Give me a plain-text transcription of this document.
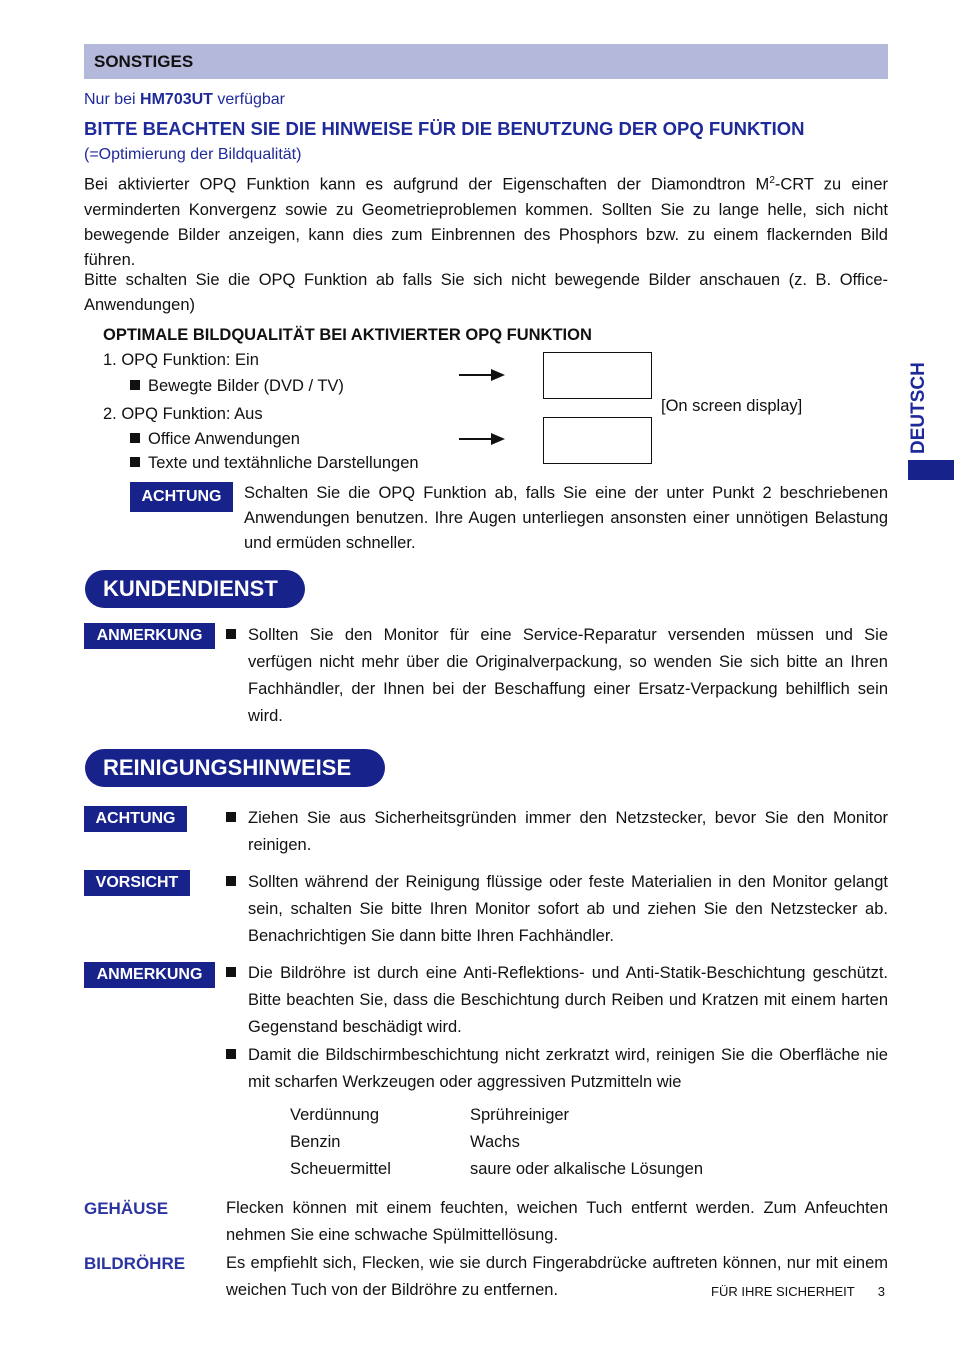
SONSTIGES
Nur bei HM703UT verfügbar
BITTE BEACHTEN SIE DIE HINWEISE FÜR DIE BENUTZUNG DER OPQ FUNKTION
(=Optimierung der Bildqualität)
Bei aktivierter OPQ Funktion kann es aufgrund der Eigenschaften der Diamondtron $M^2$-CRT zu einer verminderten Konvergenz sowie zu Geometrieproblemen kommen. Sollten Sie zu lange helle, sich nicht bewegende Bilder anzeigen, kann dies zum Einbrennen des Phosphors bzw. zu einem flackernden Bild führen.
Bitte schalten Sie die OPQ Funktion ab falls Sie sich nicht bewegende Bilder anschauen (z. B. Office-Anwendungen)
OPTIMALE BILDQUALITÄT BEI AKTIVIERTER OPQ FUNKTION
1. OPQ Funktion: Ein
Bewegte Bilder (DVD / TV)
2. OPQ Funktion: Aus
Office Anwendungen
Texte und textähnliche Darstellungen
[On screen display]
ACHTUNG	Schalten Sie die OPQ Funktion ab, falls Sie eine der unter Punkt 2 beschriebenen Anwendungen benutzen. Ihre Augen unterliegen ansonsten einer unnötigen Belastung und ermüden schneller.
KUNDENDIENST
ANMERKUNG	Sollten Sie den Monitor für eine Service-Reparatur versenden müssen und Sie verfügen nicht mehr über die Originalverpackung, so wenden Sie sich bitte an Ihren Fachhändler, der Ihnen bei der Beschaffung einer Ersatz-Verpackung behilflich sein wird.
REINIGUNGSHINWEISE
ACHTUNG	Ziehen Sie aus Sicherheitsgründen immer den Netzstecker, bevor Sie den Monitor reinigen.
VORSICHT	Sollten während der Reinigung flüssige oder feste Materialien in den Monitor gelangt sein, schalten Sie bitte Ihren Monitor sofort ab und ziehen Sie den Netzstecker ab. Benachrichtigen Sie dann bitte Ihren Fachhändler.
ANMERKUNG	Die Bildröhre ist durch eine Anti-Reflektions- und Anti-Statik-Beschichtung geschützt. Bitte beachten Sie, dass die Beschichtung durch Reiben und Kratzen mit einem harten Gegenstand beschädigt wird.
Damit die Bildschirmbeschichtung nicht zerkratzt wird, reinigen Sie die Oberfläche nie mit scharfen Werkzeugen oder aggressiven Putzmitteln wie
Verdünnung	Sprühreiniger
Benzin	Wachs
Scheuermittel	saure oder alkalische Lösungen
GEHÄUSE	Flecken können mit einem feuchten, weichen Tuch entfernt werden. Zum Anfeuchten nehmen Sie eine schwache Spülmittellösung.
BILDRÖHRE Es empfiehlt sich, Flecken, wie sie durch Fingerabdrücke auftreten können, nur mit einem weichen Tuch von der Bildröhre zu entfernen.	FÜR IHRE SICHERHEIT 3
DEUTSCH
